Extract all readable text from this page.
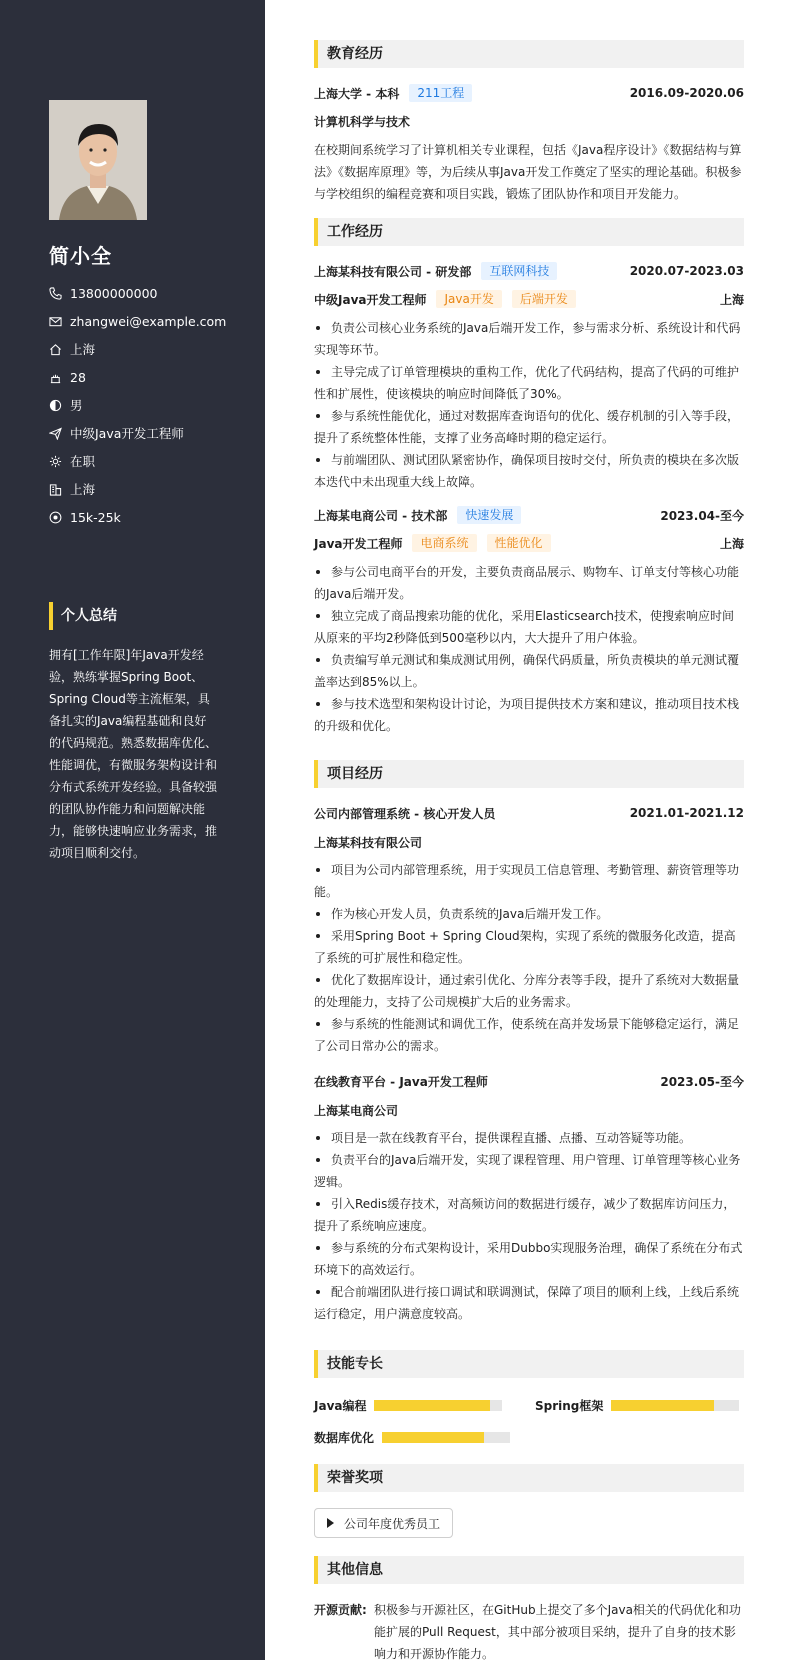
简小全
13800000000
zhangwei@example.com
上海
28
男
中级Java开发工程师
在职
上海
15k-25k
个人总结
拥有[工作年限]年Java开发经验，熟练掌握Spring Boot、Spring Cloud等主流框架，具备扎实的Java编程基础和良好的代码规范。熟悉数据库优化、性能调优，有微服务架构设计和分布式系统开发经验。具备较强的团队协作能力和问题解决能力，能够快速响应业务需求，推动项目顺利交付。
教育经历
上海大学 - 本科	211工程	2016.09-2020.06
计算机科学与技术
在校期间系统学习了计算机相关专业课程，包括《Java程序设计》《数据结构与算法》《数据库原理》等，为后续从事Java开发工作奠定了坚实的理论基础。积极参与学校组织的编程竞赛和项目实践，锻炼了团队协作和项目开发能力。
工作经历
上海某科技有限公司 - 研发部	互联网科技	2020.07-2023.03
中级Java开发工程师	Java开发	后端开发	上海
负责公司核心业务系统的Java后端开发工作，参与需求分析、系统设计和代码实现等环节。
主导完成了订单管理模块的重构工作，优化了代码结构，提高了代码的可维护性和扩展性，使该模块的响应时间降低了30%。
参与系统性能优化，通过对数据库查询语句的优化、缓存机制的引入等手段，提升了系统整体性能，支撑了业务高峰时期的稳定运行。
与前端团队、测试团队紧密协作，确保项目按时交付，所负责的模块在多次版本迭代中未出现重大线上故障。
上海某电商公司 - 技术部	快速发展	2023.04-至今
Java开发工程师	电商系统	性能优化	上海
参与公司电商平台的开发，主要负责商品展示、购物车、订单支付等核心功能的Java后端开发。
独立完成了商品搜索功能的优化，采用Elasticsearch技术，使搜索响应时间从原来的平均2秒降低到500毫秒以内，大大提升了用户体验。
负责编写单元测试和集成测试用例，确保代码质量，所负责模块的单元测试覆盖率达到85%以上。
参与技术选型和架构设计讨论，为项目提供技术方案和建议，推动项目技术栈的升级和优化。
项目经历
公司内部管理系统 - 核心开发人员	2021.01-2021.12
上海某科技有限公司
项目为公司内部管理系统，用于实现员工信息管理、考勤管理、薪资管理等功能。
作为核心开发人员，负责系统的Java后端开发工作。
采用Spring Boot + Spring Cloud架构，实现了系统的微服务化改造，提高了系统的可扩展性和稳定性。
优化了数据库设计，通过索引优化、分库分表等手段，提升了系统对大数据量的处理能力，支持了公司规模扩大后的业务需求。
参与系统的性能测试和调优工作，使系统在高并发场景下能够稳定运行，满足了公司日常办公的需求。
在线教育平台 - Java开发工程师	2023.05-至今
上海某电商公司
项目是一款在线教育平台，提供课程直播、点播、互动答疑等功能。
负责平台的Java后端开发，实现了课程管理、用户管理、订单管理等核心业务逻辑。
引入Redis缓存技术，对高频访问的数据进行缓存，减少了数据库访问压力，提升了系统响应速度。
参与系统的分布式架构设计，采用Dubbo实现服务治理，确保了系统在分布式环境下的高效运行。
配合前端团队进行接口调试和联调测试，保障了项目的顺利上线，上线后系统运行稳定，用户满意度较高。
技能专长
Java编程	Spring框架
数据库优化
荣誉奖项
公司年度优秀员工
其他信息
开源贡献: 积极参与开源社区，在GitHub上提交了多个Java相关的代码优化和功能扩展的Pull Request，其中部分被项目采纳，提升了自身的技术影响力和开源协作能力。
